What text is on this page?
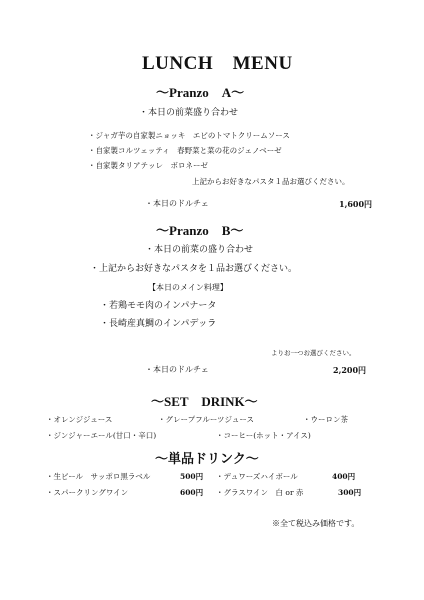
LUNCH　MENU
～Pranzo　A～
・本日の前菜盛り合わせ
・ジャガ芋の自家製ニョッキ　エビのトマトクリームソース
・自家製コルツェッティ　春野菜と菜の花のジェノベーゼ
・自家製タリアテッレ　ボロネーゼ
上記からお好きなパスタ１品お選びください。
・本日のドルチェ	1,600円
～Pranzo　B～
・本日の前菜の盛り合わせ
・上記からお好きなパスタを１品お選びください。
【本日のメイン料理】
・若鶏モモ肉のインパナータ
・長崎産真鯛のインパデッラ
よりお一つお選びください。
・本日のドルチェ	2,200円
～SET　DRINK～
・オレンジジュース	・グレープフルーツジュース	・ウーロン茶
・ジンジャーエール(甘口・辛口)	・コーヒー(ホット・アイス)
～単品ドリンク～
・生ビール　サッポロ黒ラベル	500円 ・デュワーズハイボール	400円
・スパークリングワイン	600円 ・グラスワイン　白 or 赤	300円
※全て税込み価格です。
